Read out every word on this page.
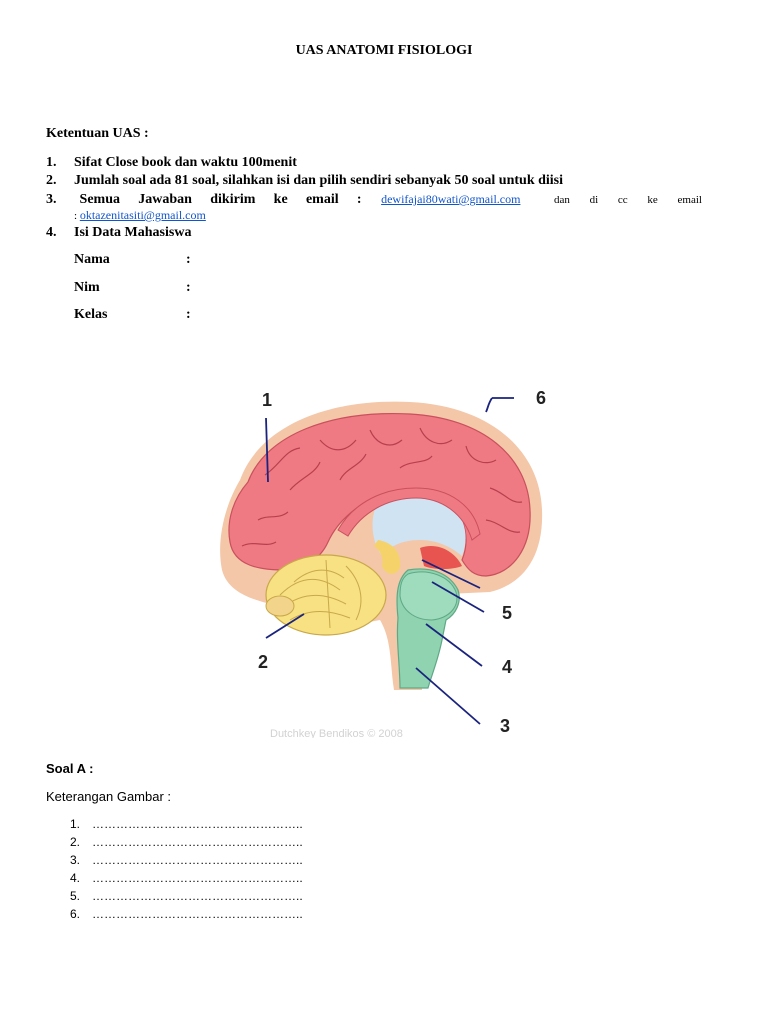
UAS ANATOMI FISIOLOGI
Ketentuan UAS :
1. Sifat Close book dan waktu 100menit
2. Jumlah soal ada 81 soal, silahkan isi dan pilih sendiri sebanyak 50 soal untuk diisi
3.	Semua Jawaban dikirim ke email : dewifajai80wati@gmail.com	dan di cc ke email
: oktazenitasiti@gmail.com
4. Isi Data Mahasiswa
Nama	:
Nim	:
Kelas	:
1
2
3
4
5
6
Dutchkey Bendikos © 2008
Soal A :
Keterangan Gambar :
1. ……………………………………………..
2. ……………………………………………..
3. ……………………………………………..
4. ……………………………………………..
5. ……………………………………………..
6. ……………………………………………..
